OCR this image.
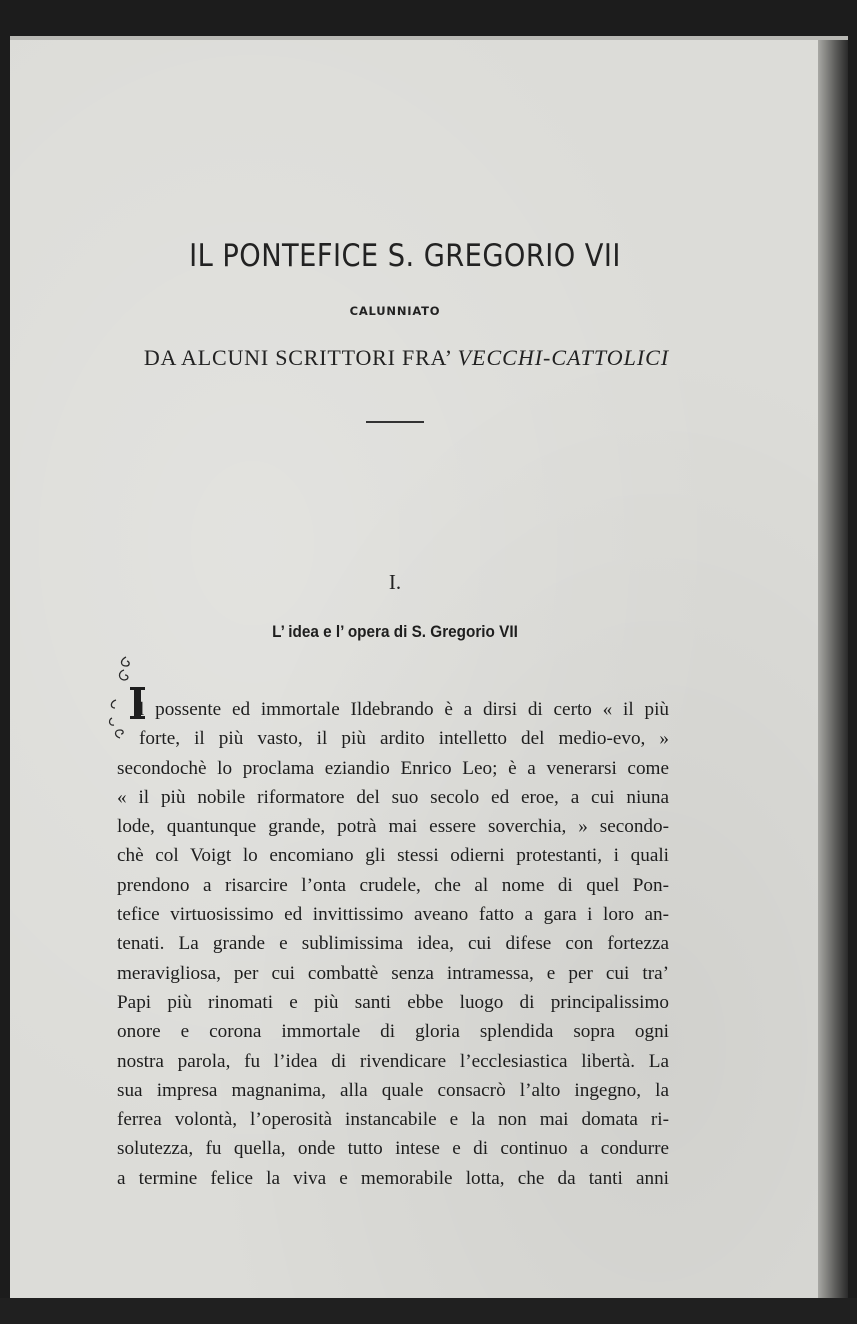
IL PONTEFICE S. GREGORIO VII
CALUNNIATO
DA ALCUNI SCRITTORI FRA’ VECCHI-CATTOLICI
I.
L’ idea e l’ opera di S. Gregorio VII
l possente ed immortale Ildebrando è a dirsi di certo « il più
forte, il più vasto, il più ardito intelletto del medio-evo, »
secondochè lo proclama eziandio Enrico Leo; è a venerarsi come
« il più nobile riformatore del suo secolo ed eroe, a cui niuna
lode, quantunque grande, potrà mai essere soverchia, » secondo-
chè col Voigt lo encomiano gli stessi odierni protestanti, i quali
prendono a risarcire l’onta crudele, che al nome di quel Pon-
tefice virtuosissimo ed invittissimo aveano fatto a gara i loro an-
tenati. La grande e sublimissima idea, cui difese con fortezza
meravigliosa, per cui combattè senza intramessa, e per cui tra’
Papi più rinomati e più santi ebbe luogo di principalissimo
onore e corona immortale di gloria splendida sopra ogni
nostra parola, fu l’idea di rivendicare l’ecclesiastica libertà. La
sua impresa magnanima, alla quale consacrò l’alto ingegno, la
ferrea volontà, l’operosità instancabile e la non mai domata ri-
solutezza, fu quella, onde tutto intese e di continuo a condurre
a termine felice la viva e memorabile lotta, che da tanti anni
